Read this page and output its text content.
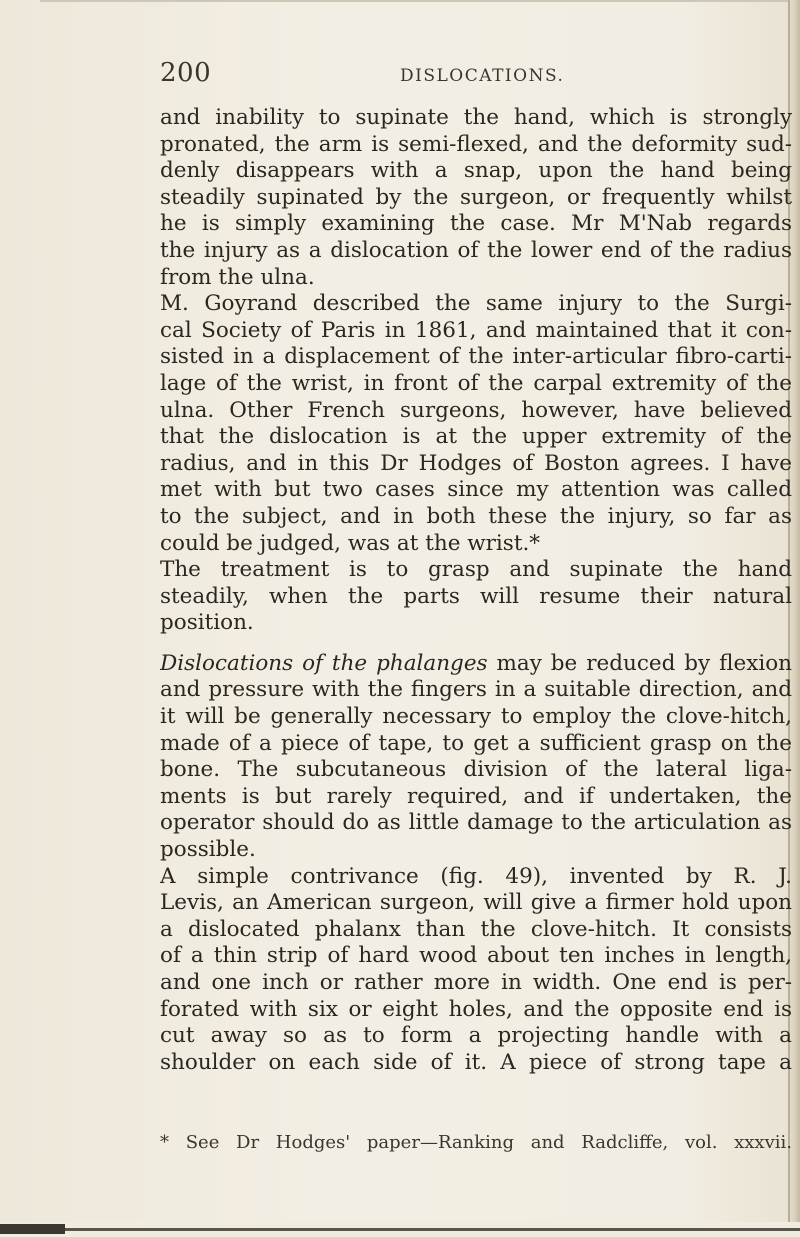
200	DISLOCATIONS.
and inability to supinate the hand, which is strongly
pronated, the arm is semi-flexed, and the deformity sud-
denly disappears with a snap, upon the hand being
steadily supinated by the surgeon, or frequently whilst
he is simply examining the case. Mr M'Nab regards
the injury as a dislocation of the lower end of the radius
from the ulna.
M. Goyrand described the same injury to the Surgi-
cal Society of Paris in 1861, and maintained that it con-
sisted in a displacement of the inter-articular fibro-carti-
lage of the wrist, in front of the carpal extremity of the
ulna. Other French surgeons, however, have believed
that the dislocation is at the upper extremity of the
radius, and in this Dr Hodges of Boston agrees. I have
met with but two cases since my attention was called
to the subject, and in both these the injury, so far as
could be judged, was at the wrist.*
The treatment is to grasp and supinate the hand
steadily, when the parts will resume their natural
position.
Dislocations of the phalanges may be reduced by flexion
and pressure with the fingers in a suitable direction, and
it will be generally necessary to employ the clove-hitch,
made of a piece of tape, to get a sufficient grasp on the
bone. The subcutaneous division of the lateral liga-
ments is but rarely required, and if undertaken, the
operator should do as little damage to the articulation as
possible.
A simple contrivance (fig. 49), invented by R. J.
Levis, an American surgeon, will give a firmer hold upon
a dislocated phalanx than the clove-hitch. It consists
of a thin strip of hard wood about ten inches in length,
and one inch or rather more in width. One end is per-
forated with six or eight holes, and the opposite end is
cut away so as to form a projecting handle with a
shoulder on each side of it. A piece of strong tape a
* See Dr Hodges' paper—Ranking and Radcliffe, vol. xxxvii.
